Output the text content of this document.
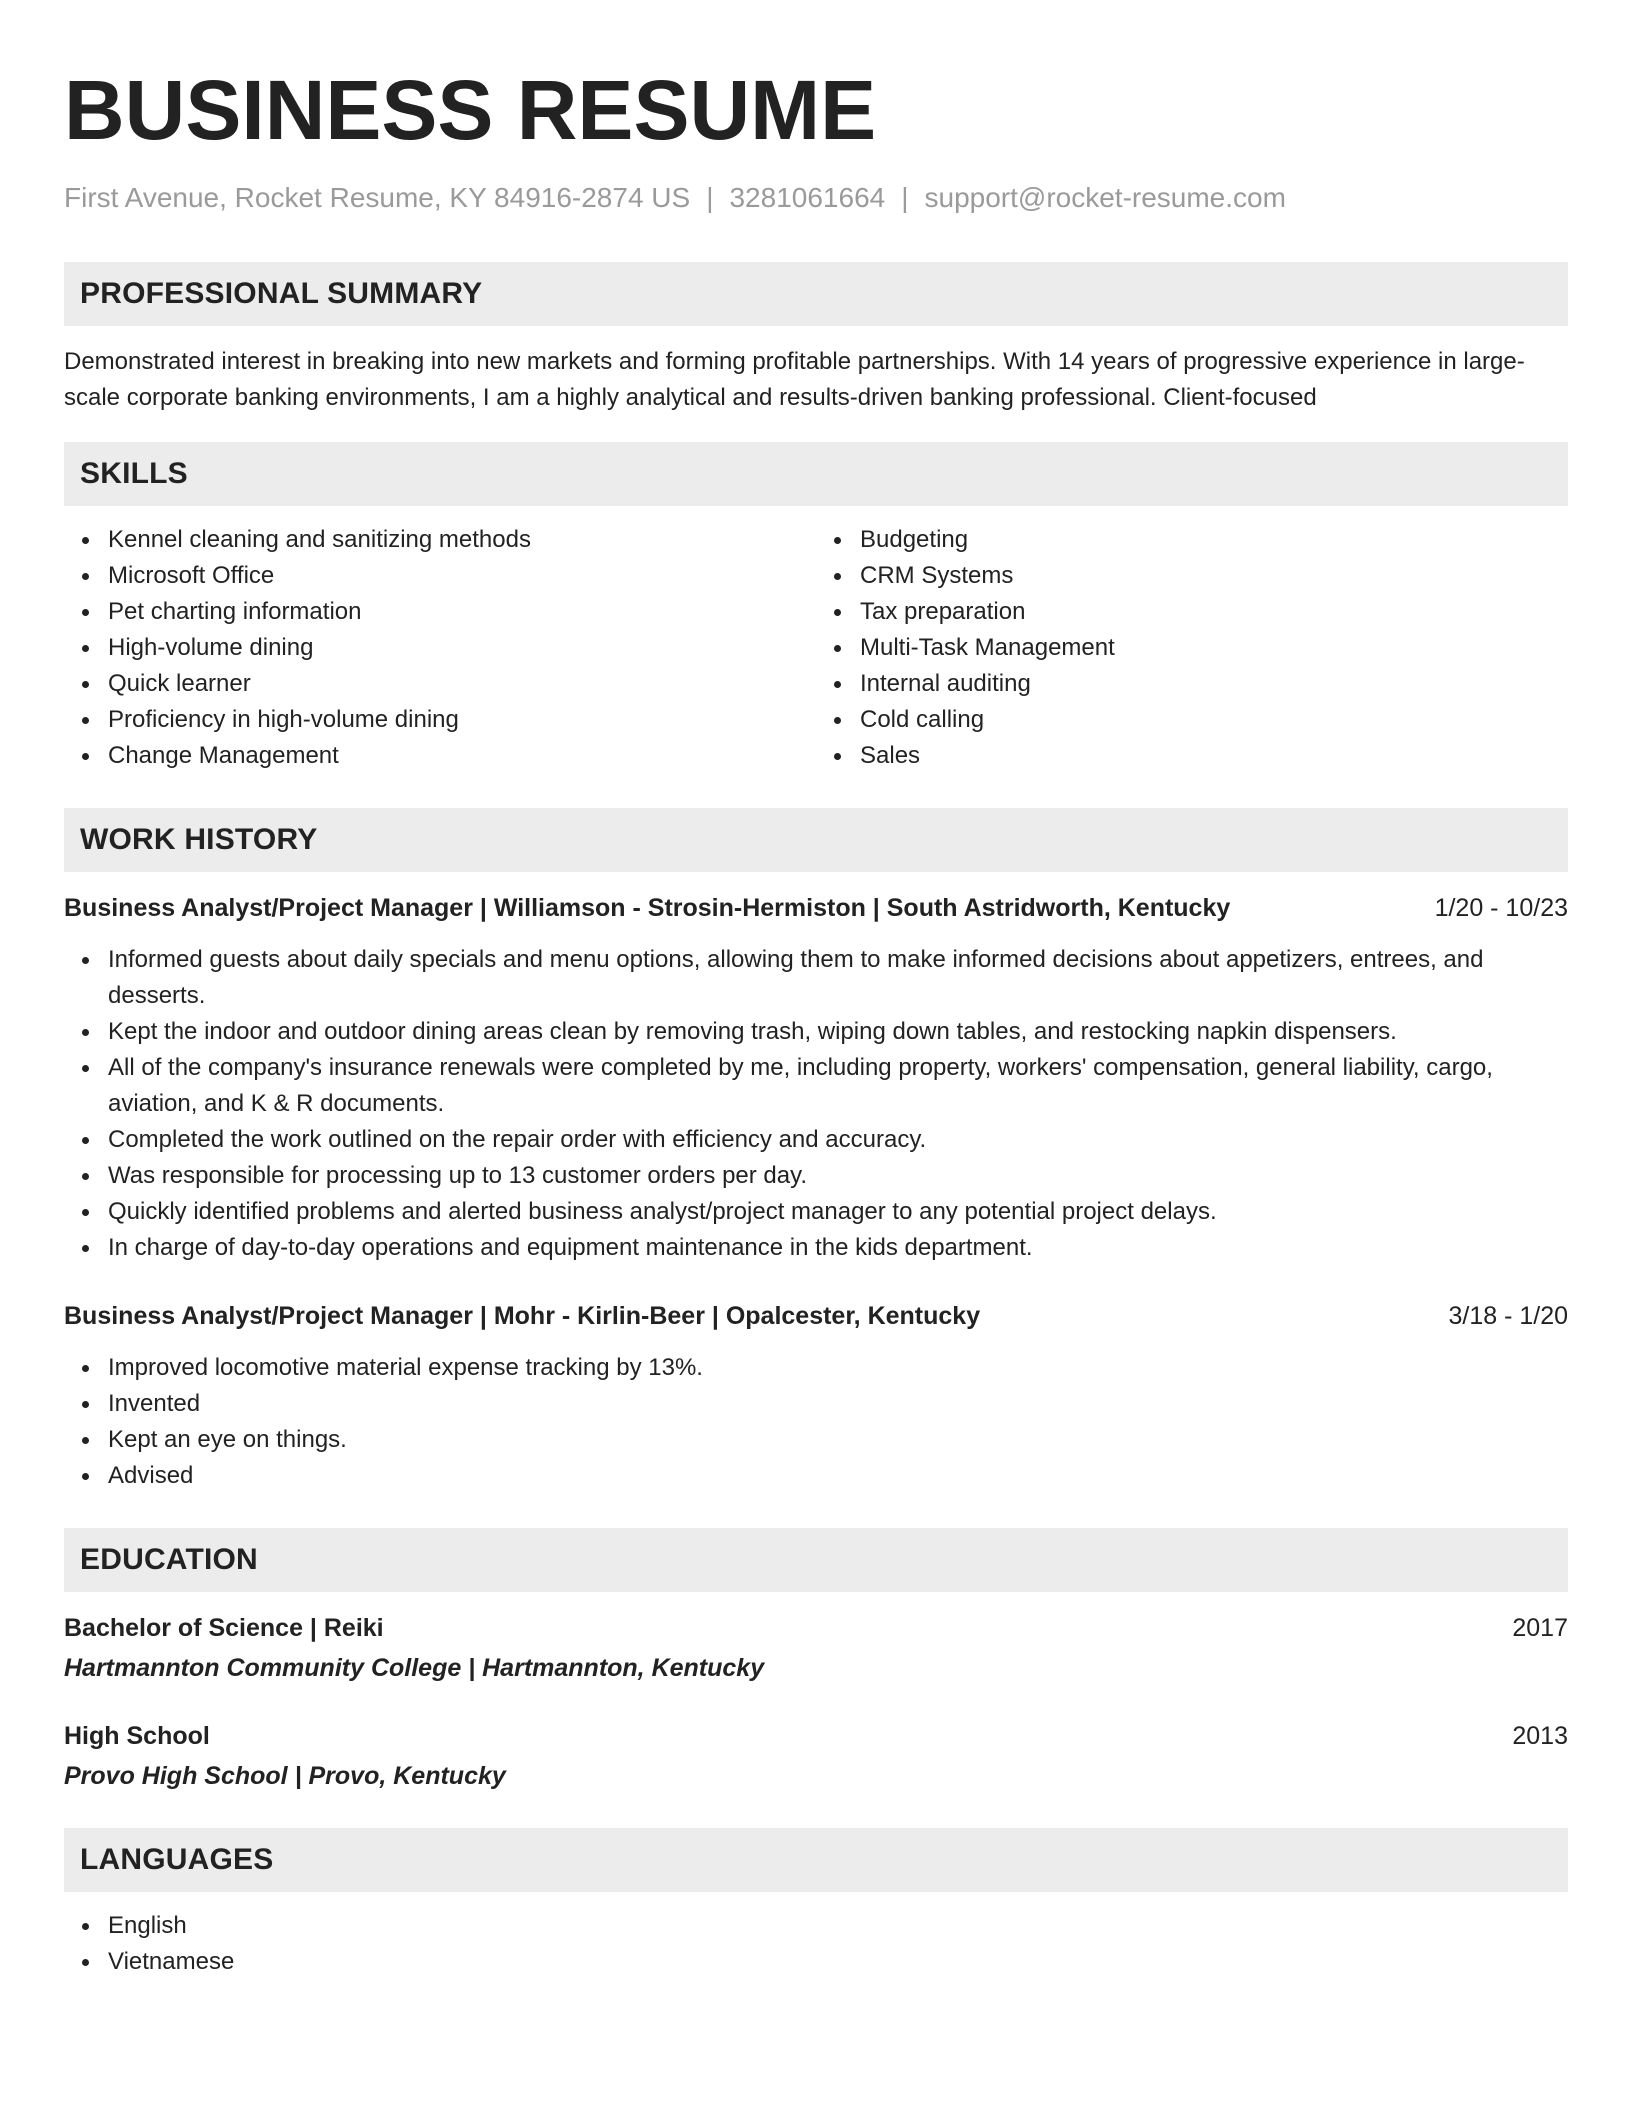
BUSINESS RESUME
First Avenue, Rocket Resume, KY 84916-2874 US | 3281061664 | support@rocket-resume.com
PROFESSIONAL SUMMARY
Demonstrated interest in breaking into new markets and forming profitable partnerships. With 14 years of progressive experience in large-scale corporate banking environments, I am a highly analytical and results-driven banking professional. Client-focused
SKILLS
Kennel cleaning and sanitizing methods
Microsoft Office
Pet charting information
High-volume dining
Quick learner
Proficiency in high-volume dining
Change Management
Budgeting
CRM Systems
Tax preparation
Multi-Task Management
Internal auditing
Cold calling
Sales
WORK HISTORY
Business Analyst/Project Manager | Williamson - Strosin-Hermiston | South Astridworth, Kentucky	1/20 - 10/23
Informed guests about daily specials and menu options, allowing them to make informed decisions about appetizers, entrees, and desserts.
Kept the indoor and outdoor dining areas clean by removing trash, wiping down tables, and restocking napkin dispensers.
All of the company's insurance renewals were completed by me, including property, workers' compensation, general liability, cargo, aviation, and K & R documents.
Completed the work outlined on the repair order with efficiency and accuracy.
Was responsible for processing up to 13 customer orders per day.
Quickly identified problems and alerted business analyst/project manager to any potential project delays.
In charge of day-to-day operations and equipment maintenance in the kids department.
Business Analyst/Project Manager | Mohr - Kirlin-Beer | Opalcester, Kentucky	3/18 - 1/20
Improved locomotive material expense tracking by 13%.
Invented
Kept an eye on things.
Advised
EDUCATION
Bachelor of Science | Reiki	2017
Hartmannton Community College | Hartmannton, Kentucky
High School	2013
Provo High School | Provo, Kentucky
LANGUAGES
English
Vietnamese
